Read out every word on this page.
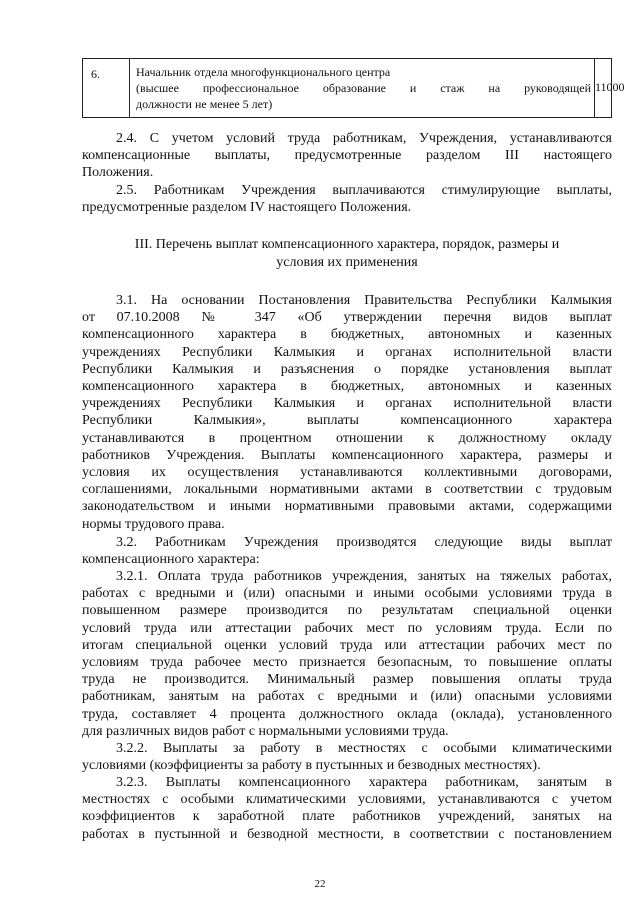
6.	Начальник отдела многофункционального центра
(высшее профессиональное образование и стаж на руководящей
должности не менее 5 лет)
11000
2.4. С учетом условий труда работникам, Учреждения, устанавливаются
компенсационные выплаты, предусмотренные разделом III настоящего
Положения.
2.5. Работникам Учреждения выплачиваются стимулирующие выплаты,
предусмотренные разделом IV настоящего Положения.
III. Перечень выплат компенсационного характера, порядок, размеры и
условия их применения
3.1. На основании Постановления Правительства Республики Калмыкия
от 07.10.2008 № 347 «Об утверждении перечня видов выплат
компенсационного характера в бюджетных, автономных и казенных
учреждениях Республики Калмыкия и органах исполнительной власти
Республики Калмыкия и разъяснения о порядке установления выплат
компенсационного характера в бюджетных, автономных и казенных
учреждениях Республики Калмыкия и органах исполнительной власти
Республики Калмыкия», выплаты компенсационного характера
устанавливаются в процентном отношении к должностному окладу
работников Учреждения. Выплаты компенсационного характера, размеры и
условия их осуществления устанавливаются коллективными договорами,
соглашениями, локальными нормативными актами в соответствии с трудовым
законодательством и иными нормативными правовыми актами, содержащими
нормы трудового права.
3.2. Работникам Учреждения производятся следующие виды выплат
компенсационного характера:
3.2.1. Оплата труда работников учреждения, занятых на тяжелых работах,
работах с вредными и (или) опасными и иными особыми условиями труда в
повышенном размере производится по результатам специальной оценки
условий труда или аттестации рабочих мест по условиям труда. Если по
итогам специальной оценки условий труда или аттестации рабочих мест по
условиям труда рабочее место признается безопасным, то повышение оплаты
труда не производится. Минимальный размер повышения оплаты труда
работникам, занятым на работах с вредными и (или) опасными условиями
труда, составляет 4 процента должностного оклада (оклада), установленного
для различных видов работ с нормальными условиями труда.
3.2.2. Выплаты за работу в местностях с особыми климатическими
условиями (коэффициенты за работу в пустынных и безводных местностях).
3.2.3. Выплаты компенсационного характера работникам, занятым в
местностях с особыми климатическими условиями, устанавливаются с учетом
коэффициентов к заработной плате работников учреждений, занятых на
работах в пустынной и безводной местности, в соответствии с постановлением
22
